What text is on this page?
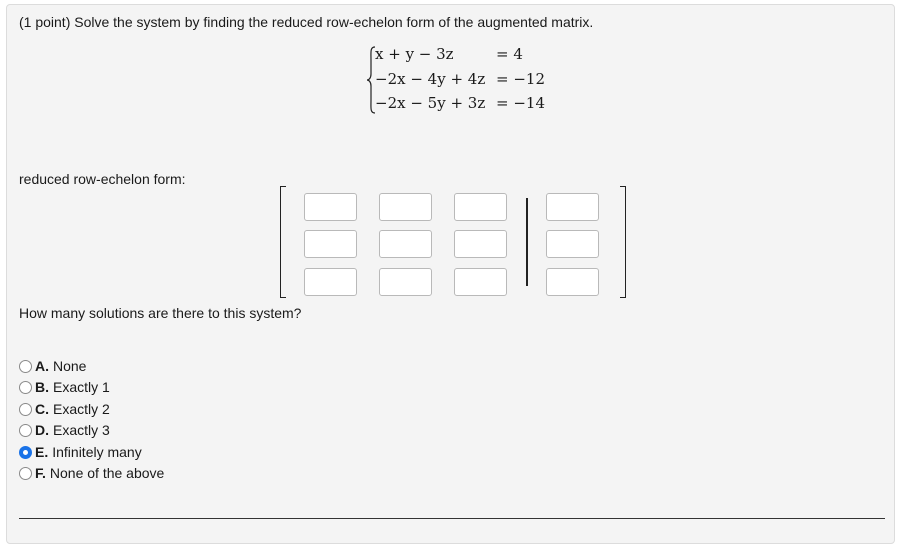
(1 point) Solve the system by finding the reduced row-echelon form of the augmented matrix.
x + y − 3z	= 4
−2x − 4y + 4z = −12
−2x − 5y + 3z = −14
reduced row-echelon form:
How many solutions are there to this system?
A. None
B. Exactly 1
C. Exactly 2
D. Exactly 3
E. Infinitely many
F. None of the above
